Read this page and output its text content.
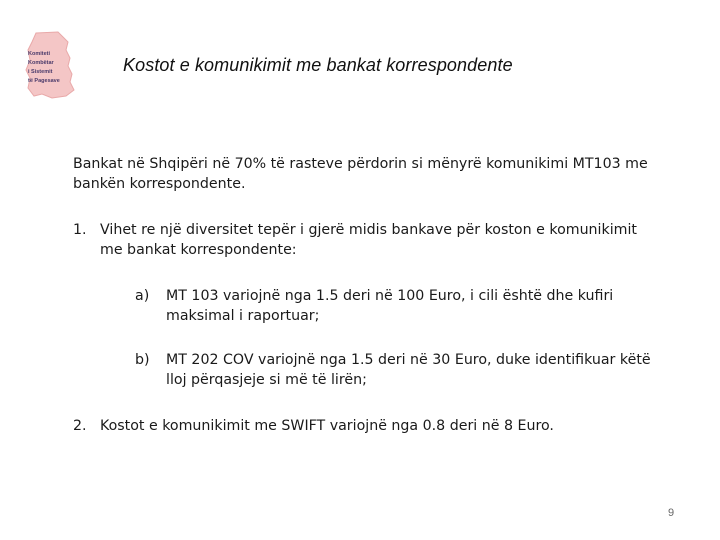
Komiteti
Kombëtar
i Sistemit
të Pagesave
Kostot e komunikimit me bankat korrespondente
Bankat në Shqipëri në 70% të rasteve përdorin si mënyrë komunikimi MT103 me bankën korrespondente.
1. Vihet re një diversitet tepër i gjerë midis bankave për koston e komunikimit me bankat korrespondente:
a) MT 103 variojnë nga 1.5 deri në 100 Euro, i cili është dhe kufiri maksimal i raportuar;
b) MT 202 COV variojnë nga 1.5 deri në 30 Euro, duke identifikuar këtë lloj përqasjeje si më të lirën;
2. Kostot e komunikimit me SWIFT variojnë nga 0.8 deri në 8 Euro.
9
